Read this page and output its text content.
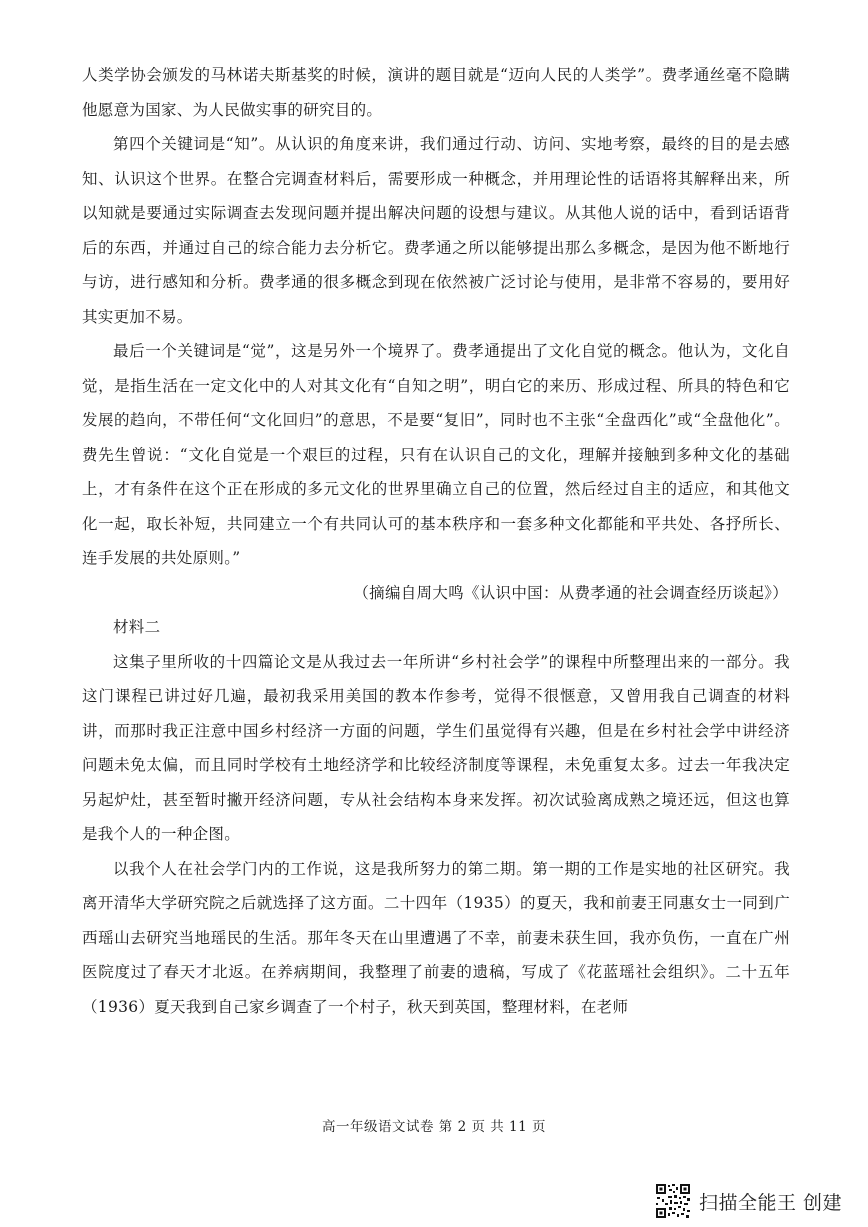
人类学协会颁发的马林诺夫斯基奖的时候，演讲的题目就是“迈向人民的人类学”。费孝通丝毫不隐瞒他愿意为国家、为人民做实事的研究目的。

第四个关键词是“知”。从认识的角度来讲，我们通过行动、访问、实地考察，最终的目的是去感知、认识这个世界。在整合完调查材料后，需要形成一种概念，并用理论性的话语将其解释出来，所以知就是要通过实际调查去发现问题并提出解决问题的设想与建议。从其他人说的话中，看到话语背后的东西，并通过自己的综合能力去分析它。费孝通之所以能够提出那么多概念，是因为他不断地行与访，进行感知和分析。费孝通的很多概念到现在依然被广泛讨论与使用，是非常不容易的，要用好其实更加不易。

最后一个关键词是“觉”，这是另外一个境界了。费孝通提出了文化自觉的概念。他认为，文化自觉，是指生活在一定文化中的人对其文化有“自知之明”，明白它的来历、形成过程、所具的特色和它发展的趋向，不带任何“文化回归”的意思，不是要“复旧”，同时也不主张“全盘西化”或“全盘他化”。费先生曾说：“文化自觉是一个艰巨的过程，只有在认识自己的文化，理解并接触到多种文化的基础上，才有条件在这个正在形成的多元文化的世界里确立自己的位置，然后经过自主的适应，和其他文化一起，取长补短，共同建立一个有共同认可的基本秩序和一套多种文化都能和平共处、各抒所长、连手发展的共处原则。”

（摘编自周大鸣《认识中国：从费孝通的社会调查经历谈起》）

材料二

这集子里所收的十四篇论文是从我过去一年所讲“乡村社会学”的课程中所整理出来的一部分。我这门课程已讲过好几遍，最初我采用美国的教本作参考，觉得不很惬意，又曾用我自己调查的材料讲，而那时我正注意中国乡村经济一方面的问题，学生们虽觉得有兴趣，但是在乡村社会学中讲经济问题未免太偏，而且同时学校有土地经济学和比较经济制度等课程，未免重复太多。过去一年我决定另起炉灶，甚至暂时撇开经济问题，专从社会结构本身来发挥。初次试验离成熟之境还远，但这也算是我个人的一种企图。

以我个人在社会学门内的工作说，这是我所努力的第二期。第一期的工作是实地的社区研究。我离开清华大学研究院之后就选择了这方面。二十四年（1935）的夏天，我和前妻王同惠女士一同到广西瑶山去研究当地瑶民的生活。那年冬天在山里遭遇了不幸，前妻未获生回，我亦负伤，一直在广州医院度过了春天才北返。在养病期间，我整理了前妻的遗稿，写成了《花蓝瑶社会组织》。二十五年（1936）夏天我到自己家乡调查了一个村子，秋天到英国，整理材料，在老师

高一年级语文试卷 第 2 页 共 11 页
扫描全能王 创建
